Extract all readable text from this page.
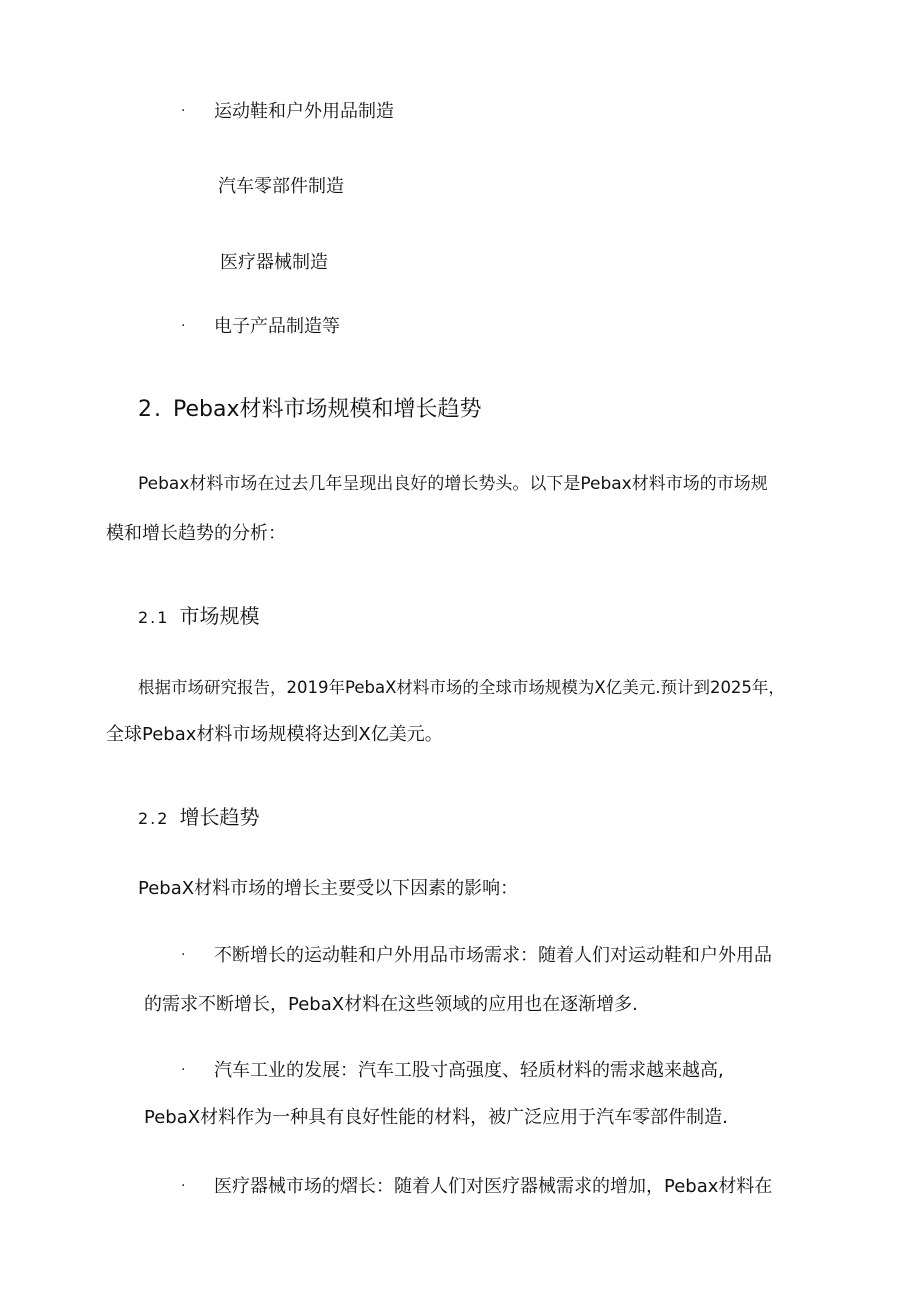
· 运动鞋和户外用品制造
汽车零部件制造
医疗器械制造
· 电子产品制造等
2. Pebax材料市场规模和增长趋势
Pebax材料市场在过去几年呈现出良好的增长势头。以下是Pebax材料市场的市场规
模和增长趋势的分析：
2.1 市场规模
根据市场研究报告，2019年PebaX材料市场的全球市场规模为X亿美元.预计到2025年，
全球Pebax材料市场规模将达到X亿美元。
2.2 增长趋势
PebaX材料市场的增长主要受以下因素的影响：
· 不断增长的运动鞋和户外用品市场需求：随着人们对运动鞋和户外用品
的需求不断增长，PebaX材料在这些领域的应用也在逐渐增多.
· 汽车工业的发展：汽车工股寸高强度、轻质材料的需求越来越高,
PebaX材料作为一种具有良好性能的材料，被广泛应用于汽车零部件制造.
· 医疗器械市场的熠长：随着人们对医疗器械需求的增加，Pebax材料在
